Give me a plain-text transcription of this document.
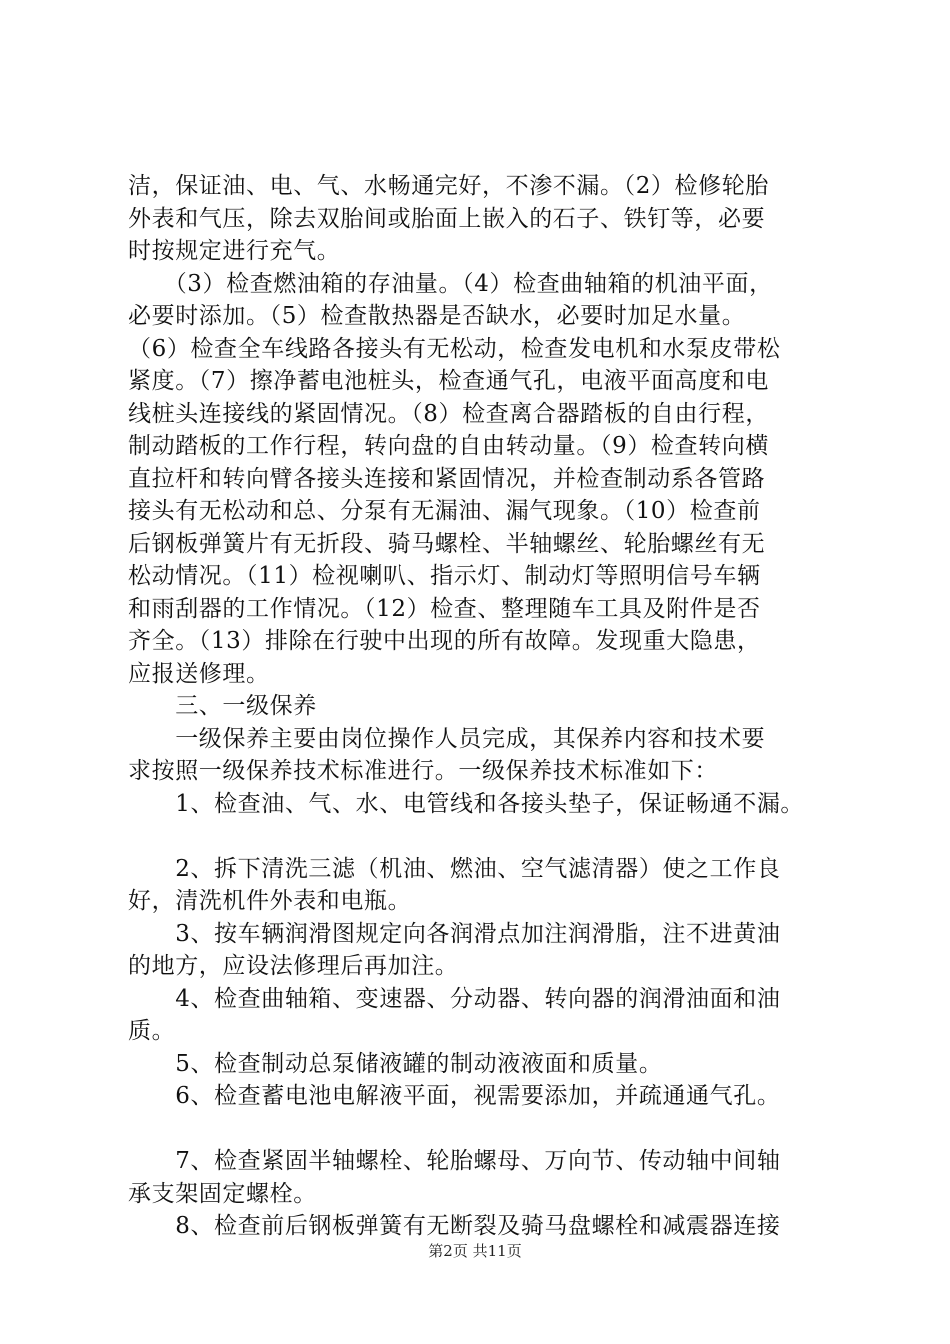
洁，保证油、电、气、水畅通完好，不渗不漏。（2）检修轮胎
外表和气压，除去双胎间或胎面上嵌入的石子、铁钉等，必要
时按规定进行充气。
　　（3）检查燃油箱的存油量。（4）检查曲轴箱的机油平面，
必要时添加。（5）检查散热器是否缺水，必要时加足水量。
（6）检查全车线路各接头有无松动，检查发电机和水泵皮带松
紧度。（7）擦净蓄电池桩头，检查通气孔，电液平面高度和电
线桩头连接线的紧固情况。（8）检查离合器踏板的自由行程，
制动踏板的工作行程，转向盘的自由转动量。（9）检查转向横
直拉杆和转向臂各接头连接和紧固情况，并检查制动系各管路
接头有无松动和总、分泵有无漏油、漏气现象。（10）检查前
后钢板弹簧片有无折段、骑马螺栓、半轴螺丝、轮胎螺丝有无
松动情况。（11）检视喇叭、指示灯、制动灯等照明信号车辆
和雨刮器的工作情况。（12）检查、整理随车工具及附件是否
齐全。（13）排除在行驶中出现的所有故障。发现重大隐患，
应报送修理。
　　三、一级保养
　　一级保养主要由岗位操作人员完成，其保养内容和技术要
求按照一级保养技术标准进行。一级保养技术标准如下：
　　1、检查油、气、水、电管线和各接头垫子，保证畅通不漏。
　　2、拆下清洗三滤（机油、燃油、空气滤清器）使之工作良
好，清洗机件外表和电瓶。
　　3、按车辆润滑图规定向各润滑点加注润滑脂，注不进黄油
的地方，应设法修理后再加注。
　　4、检查曲轴箱、变速器、分动器、转向器的润滑油面和油
质。
　　5、检查制动总泵储液罐的制动液液面和质量。
　　6、检查蓄电池电解液平面，视需要添加，并疏通通气孔。
　　7、检查紧固半轴螺栓、轮胎螺母、万向节、传动轴中间轴
承支架固定螺栓。
　　8、检查前后钢板弹簧有无断裂及骑马盘螺栓和减震器连接
第2页 共11页
